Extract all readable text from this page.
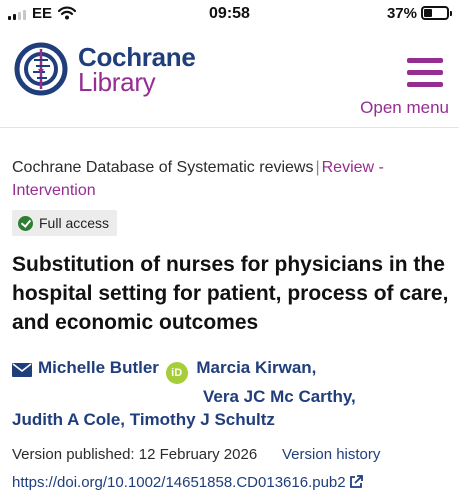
EE	09:58	37%
Cochrane
Library
Open menu
Cochrane Database of Systematic reviews | Review - Intervention
Full access
Substitution of nurses for physicians in the hospital setting for patient, process of care, and economic outcomes
Michelle Butler iD Marcia Kirwan,
Vera JC Mc Carthy,
Judith A Cole, Timothy J Schultz
Version published: 12 February 2026 Version history
https://doi.org/10.1002/14651858.CD013616.pub2
